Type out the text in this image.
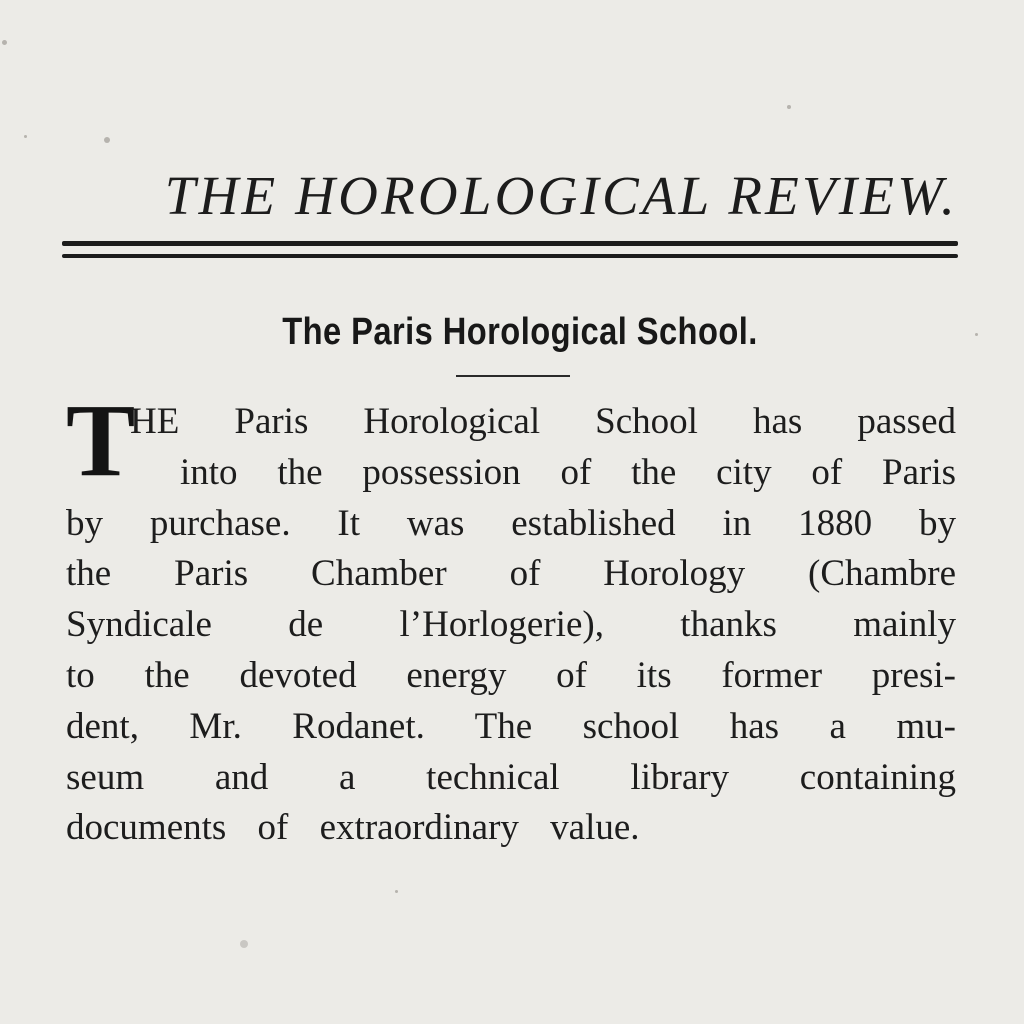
THE HOROLOGICAL REVIEW.
The Paris Horological School.
T
HE Paris Horological School has passed
into the possession of the city of Paris
by purchase. It was established in 1880 by
the Paris Chamber of Horology (Chambre
Syndicale de l’Horlogerie), thanks mainly
to the devoted energy of its former presi-
dent, Mr. Rodanet. The school has a mu-
seum and a technical library containing
documents of extraordinary value.
